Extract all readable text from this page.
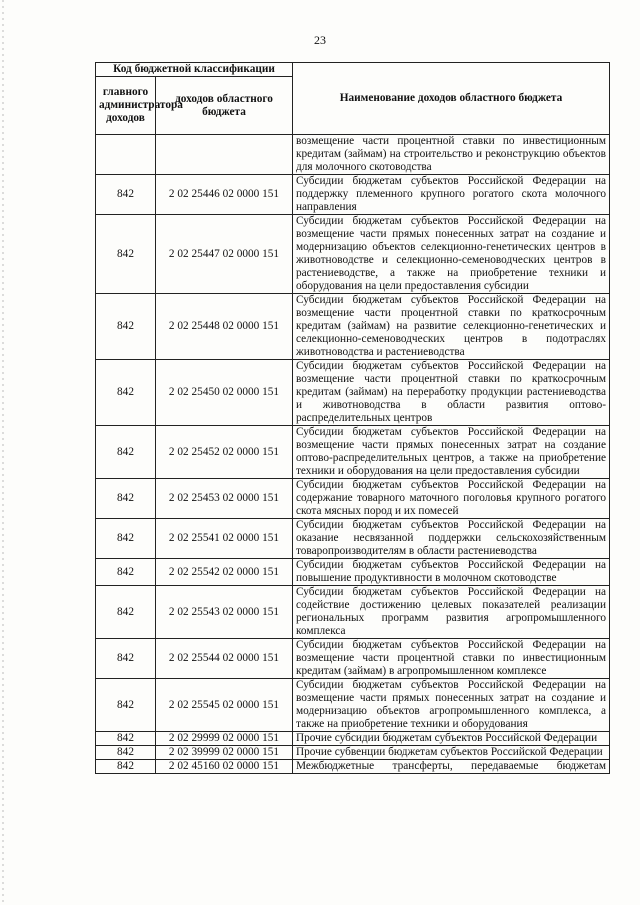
23
Код бюджетной классификации		Наименование доходов областного бюджета
главного администратора доходов	доходов областного бюджета	
		возмещение части процентной ставки по инвестиционным кредитам (займам) на строительство и реконструкцию объектов для молочного скотоводства
842	2 02 25446 02 0000 151	Субсидии бюджетам субъектов Российской Федерации на поддержку племенного крупного рогатого скота молочного направления
842	2 02 25447 02 0000 151	Субсидии бюджетам субъектов Российской Федерации на возмещение части прямых понесенных затрат на создание и модернизацию объектов селекционно-генетических центров в животноводстве и селекционно-семеноводческих центров в растениеводстве, а также на приобретение техники и оборудования на цели предоставления субсидии
842	2 02 25448 02 0000 151	Субсидии бюджетам субъектов Российской Федерации на возмещение части процентной ставки по краткосрочным кредитам (займам) на развитие селекционно-генетических и селекционно-семеноводческих центров в подотраслях животноводства и растениеводства
842	2 02 25450 02 0000 151	Субсидии бюджетам субъектов Российской Федерации на возмещение части процентной ставки по краткосрочным кредитам (займам) на переработку продукции растениеводства и животноводства в области развития оптово-распределительных центров
842	2 02 25452 02 0000 151	Субсидии бюджетам субъектов Российской Федерации на возмещение части прямых понесенных затрат на создание оптово-распределительных центров, а также на приобретение техники и оборудования на цели предоставления субсидии
842	2 02 25453 02 0000 151	Субсидии бюджетам субъектов Российской Федерации на содержание товарного маточного поголовья крупного рогатого скота мясных пород и их помесей
842	2 02 25541 02 0000 151	Субсидии бюджетам субъектов Российской Федерации на оказание несвязанной поддержки сельскохозяйственным товаропроизводителям в области растениеводства
842	2 02 25542 02 0000 151	Субсидии бюджетам субъектов Российской Федерации на повышение продуктивности в молочном скотоводстве
842	2 02 25543 02 0000 151	Субсидии бюджетам субъектов Российской Федерации на содействие достижению целевых показателей реализации региональных программ развития агропромышленного комплекса
842	2 02 25544 02 0000 151	Субсидии бюджетам субъектов Российской Федерации на возмещение части процентной ставки по инвестиционным кредитам (займам) в агропромышленном комплексе
842	2 02 25545 02 0000 151	Субсидии бюджетам субъектов Российской Федерации на возмещение части прямых понесенных затрат на создание и модернизацию объектов агропромышленного комплекса, а также на приобретение техники и оборудования
842	2 02 29999 02 0000 151	Прочие субсидии бюджетам субъектов Российской Федерации
842	2 02 39999 02 0000 151	Прочие субвенции бюджетам субъектов Российской Федерации
842	2 02 45160 02 0000 151	Межбюджетные трансферты, передаваемые бюджетам
